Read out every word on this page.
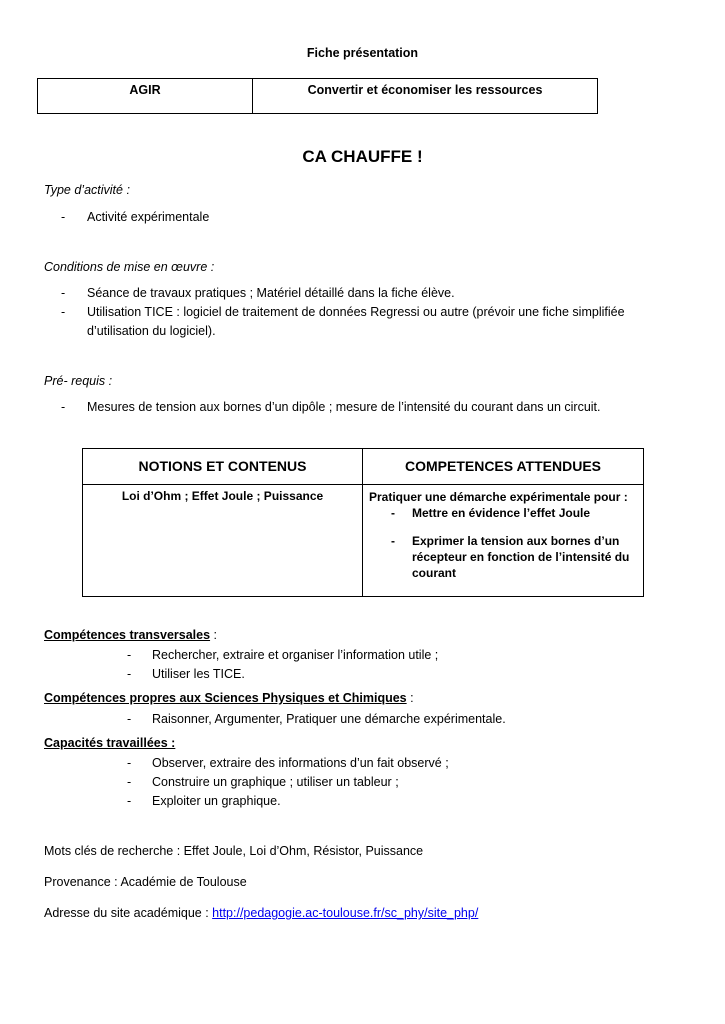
Fiche présentation
AGIR	Convertir et économiser les ressources
CA CHAUFFE !
Type d’activité :
- Activité expérimentale
Conditions de mise en œuvre :
- Séance de travaux pratiques ; Matériel détaillé dans la fiche élève.
- Utilisation TICE : logiciel de traitement de données Regressi ou autre (prévoir une fiche simplifiée
d’utilisation du logiciel).
Pré- requis :
- Mesures de tension aux bornes d’un dipôle ; mesure de l’intensité du courant dans un circuit.
NOTIONS ET CONTENUS	COMPETENCES ATTENDUES
Loi d’Ohm ; Effet Joule ; Puissance	Pratiquer une démarche expérimentale pour :
- Mettre en évidence l’effet Joule
- Exprimer la tension aux bornes d’un
récepteur en fonction de l’intensité du
courant
Compétences transversales :
- Rechercher, extraire et organiser l’information utile ;
- Utiliser les TICE.
Compétences propres aux Sciences Physiques et Chimiques :
- Raisonner, Argumenter, Pratiquer une démarche expérimentale.
Capacités travaillées :
- Observer, extraire des informations d’un fait observé ;
- Construire un graphique ; utiliser un tableur ;
- Exploiter un graphique.
Mots clés de recherche : Effet Joule, Loi d’Ohm, Résistor, Puissance
Provenance : Académie de Toulouse
Adresse du site académique : http://pedagogie.ac-toulouse.fr/sc_phy/site_php/
